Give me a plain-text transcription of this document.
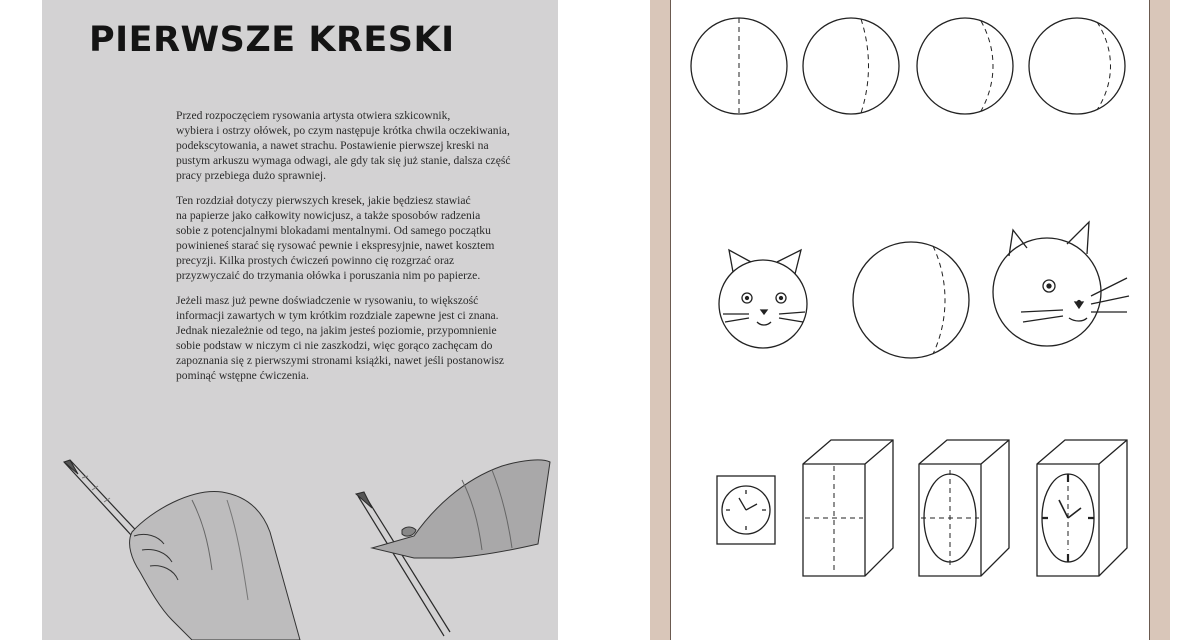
PIERWSZE KRESKI

Przed rozpoczęciem rysowania artysta otwiera szkicownik,
wybiera i ostrzy ołówek, po czym następuje krótka chwila oczekiwania,
podekscytowania, a nawet strachu. Postawienie pierwszej kreski na
pustym arkuszu wymaga odwagi, ale gdy tak się już stanie, dalsza część
pracy przebiega dużo sprawniej.

Ten rozdział dotyczy pierwszych kresek, jakie będziesz stawiać
na papierze jako całkowity nowicjusz, a także sposobów radzenia
sobie z potencjalnymi blokadami mentalnymi. Od samego początku
powinieneś starać się rysować pewnie i ekspresyjnie, nawet kosztem
precyzji. Kilka prostych ćwiczeń powinno cię rozgrzać oraz
przyzwyczaić do trzymania ołówka i poruszania nim po papierze.

Jeżeli masz już pewne doświadczenie w rysowaniu, to większość
informacji zawartych w tym krótkim rozdziale zapewne jest ci znana.
Jednak niezależnie od tego, na jakim jesteś poziomie, przypomnienie
sobie podstaw w niczym ci nie zaszkodzi, więc gorąco zachęcam do
zapoznania się z pierwszymi stronami książki, nawet jeśli postanowisz
pominąć wstępne ćwiczenia.
